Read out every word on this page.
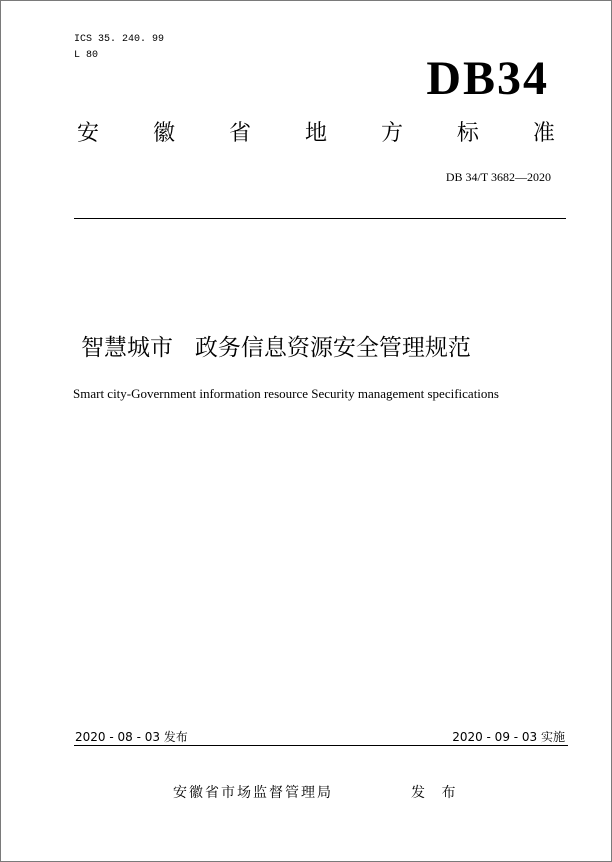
ICS 35. 240. 99
L 80	DB34
安 徽 省 地 方 标 准
DB 34/T 3682—2020
智慧城市   政务信息资源安全管理规范
Smart city-Government information resource Security management specifications
2020 - 08 - 03 发布	2020 - 09 - 03 实施
安徽省市场监督管理局	发 布
